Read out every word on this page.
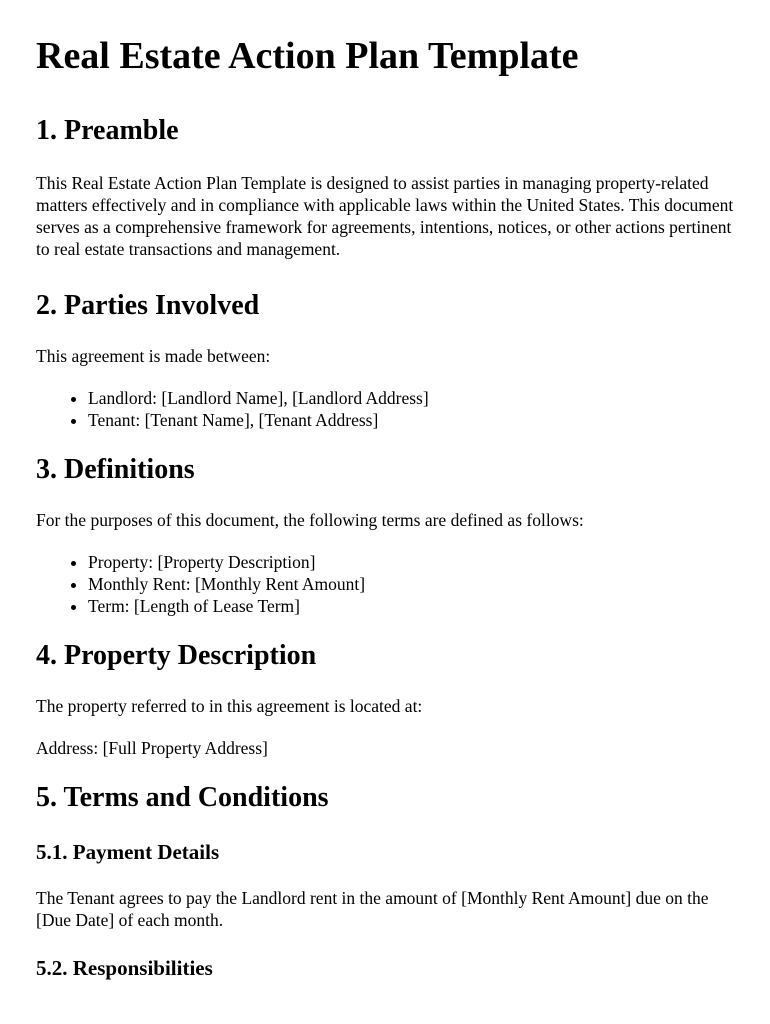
Real Estate Action Plan Template
1. Preamble

This Real Estate Action Plan Template is designed to assist parties in managing property-related matters effectively and in compliance with applicable laws within the United States. This document serves as a comprehensive framework for agreements, intentions, notices, or other actions pertinent to real estate transactions and management.

2. Parties Involved

This agreement is made between:

• Landlord: [Landlord Name], [Landlord Address]
• Tenant: [Tenant Name], [Tenant Address]
3. Definitions

For the purposes of this document, the following terms are defined as follows:

• Property: [Property Description]
• Monthly Rent: [Monthly Rent Amount]
• Term: [Length of Lease Term]
4. Property Description

The property referred to in this agreement is located at:

Address: [Full Property Address]

5. Terms and Conditions
5.1. Payment Details

The Tenant agrees to pay the Landlord rent in the amount of [Monthly Rent Amount] due on the [Due Date] of each month.

5.2. Responsibilities
